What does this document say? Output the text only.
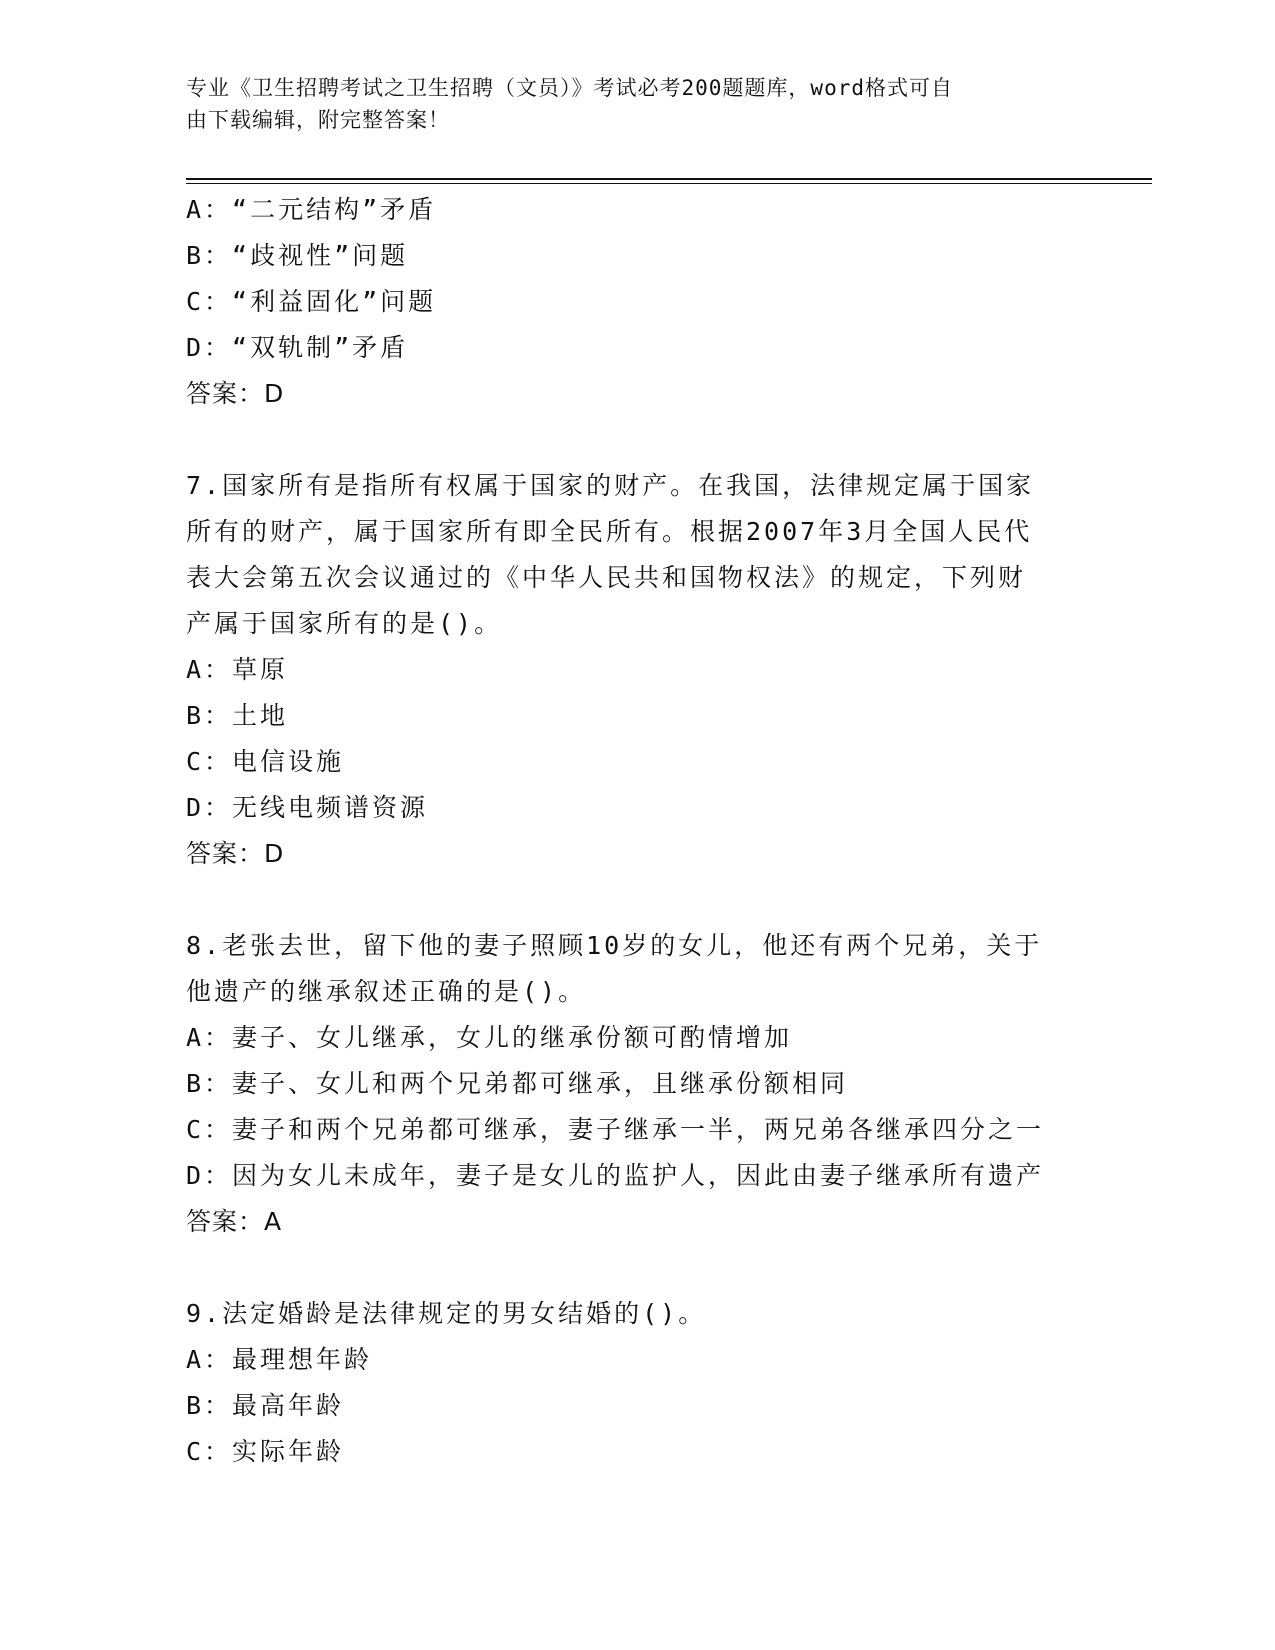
专业《卫生招聘考试之卫生招聘（文员）》考试必考200题题库，word格式可自
由下载编辑，附完整答案！
A：“二元结构”矛盾
B：“歧视性”问题
C：“利益固化”问题
D：“双轨制”矛盾
答案：D
7.国家所有是指所有权属于国家的财产。在我国，法律规定属于国家
所有的财产，属于国家所有即全民所有。根据2007年3月全国人民代
表大会第五次会议通过的《中华人民共和国物权法》的规定，下列财
产属于国家所有的是()。
A：草原
B：土地
C：电信设施
D：无线电频谱资源
答案：D
8.老张去世，留下他的妻子照顾10岁的女儿，他还有两个兄弟，关于
他遗产的继承叙述正确的是()。
A：妻子、女儿继承，女儿的继承份额可酌情增加
B：妻子、女儿和两个兄弟都可继承，且继承份额相同
C：妻子和两个兄弟都可继承，妻子继承一半，两兄弟各继承四分之一
D：因为女儿未成年，妻子是女儿的监护人，因此由妻子继承所有遗产
答案：A
9.法定婚龄是法律规定的男女结婚的()。
A：最理想年龄
B：最高年龄
C：实际年龄
